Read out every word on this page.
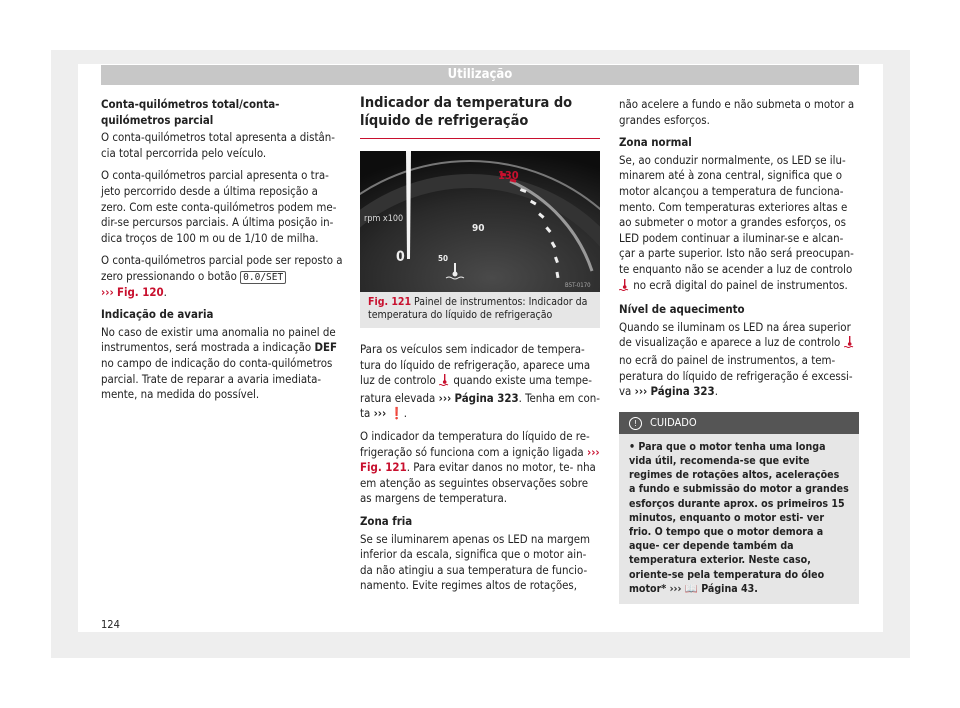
Utilização

Conta-quilómetros total/conta-quilómetros parcial

O conta-quilómetros total apresenta a distân- cia total percorrida pelo veículo.

O conta-quilómetros parcial apresenta o tra- jeto percorrido desde a última reposição a zero. Com este conta-quilómetros podem me- dir-se percursos parciais. A última posição in- dica troços de 100 m ou de 1/10 de milha.

O conta-quilómetros parcial pode ser reposto a zero pressionando o botão 0.0/SET
››› Fig. 120.

Indicação de avaria

No caso de existir uma anomalia no painel de instrumentos, será mostrada a indicação DEF no campo de indicação do conta-quilómetros parcial. Trate de reparar a avaria imediata- mente, na medida do possível.

Indicador da temperatura do líquido de refrigeração
130
90
50
rpm x100
0
B5T-0170
Fig. 121 Painel de instrumentos: Indicador da temperatura do líquido de refrigeração

Para os veículos sem indicador de tempera- tura do líquido de refrigeração, aparece uma luz de controlo  quando existe uma tempe- ratura elevada ››› Página 323. Tenha em con- ta ››› ❗.

O indicador da temperatura do líquido de re- frigeração só funciona com a ignição ligada ››› Fig. 121. Para evitar danos no motor, te- nha em atenção as seguintes observações sobre as margens de temperatura.

Zona fria

Se se iluminarem apenas os LED na margem inferior da escala, significa que o motor ain- da não atingiu a sua temperatura de funcio- namento. Evite regimes altos de rotações,

não acelere a fundo e não submeta o motor a grandes esforços.

Zona normal

Se, ao conduzir normalmente, os LED se ilu- minarem até à zona central, significa que o motor alcançou a temperatura de funciona- mento. Com temperaturas exteriores altas e ao submeter o motor a grandes esforços, os LED podem continuar a iluminar-se e alcan- çar a parte superior. Isto não será preocupan- te enquanto não se acender a luz de controlo  no ecrã digital do painel de instrumentos.

Nível de aquecimento

Quando se iluminam os LED na área superior de visualização e aparece a luz de controlo  no ecrã do painel de instrumentos, a tem- peratura do líquido de refrigeração é excessi- va ››› Página 323.

! CUIDADO
• Para que o motor tenha uma longa vida útil, recomenda-se que evite regimes de rotações altos, acelerações a fundo e submissão do motor a grandes esforços durante aprox. os primeiros 15 minutos, enquanto o motor esti- ver frio. O tempo que o motor demora a aque- cer depende também da temperatura exterior. Neste caso, oriente-se pela temperatura do óleo motor* ››› 📖 Página 43.
124
